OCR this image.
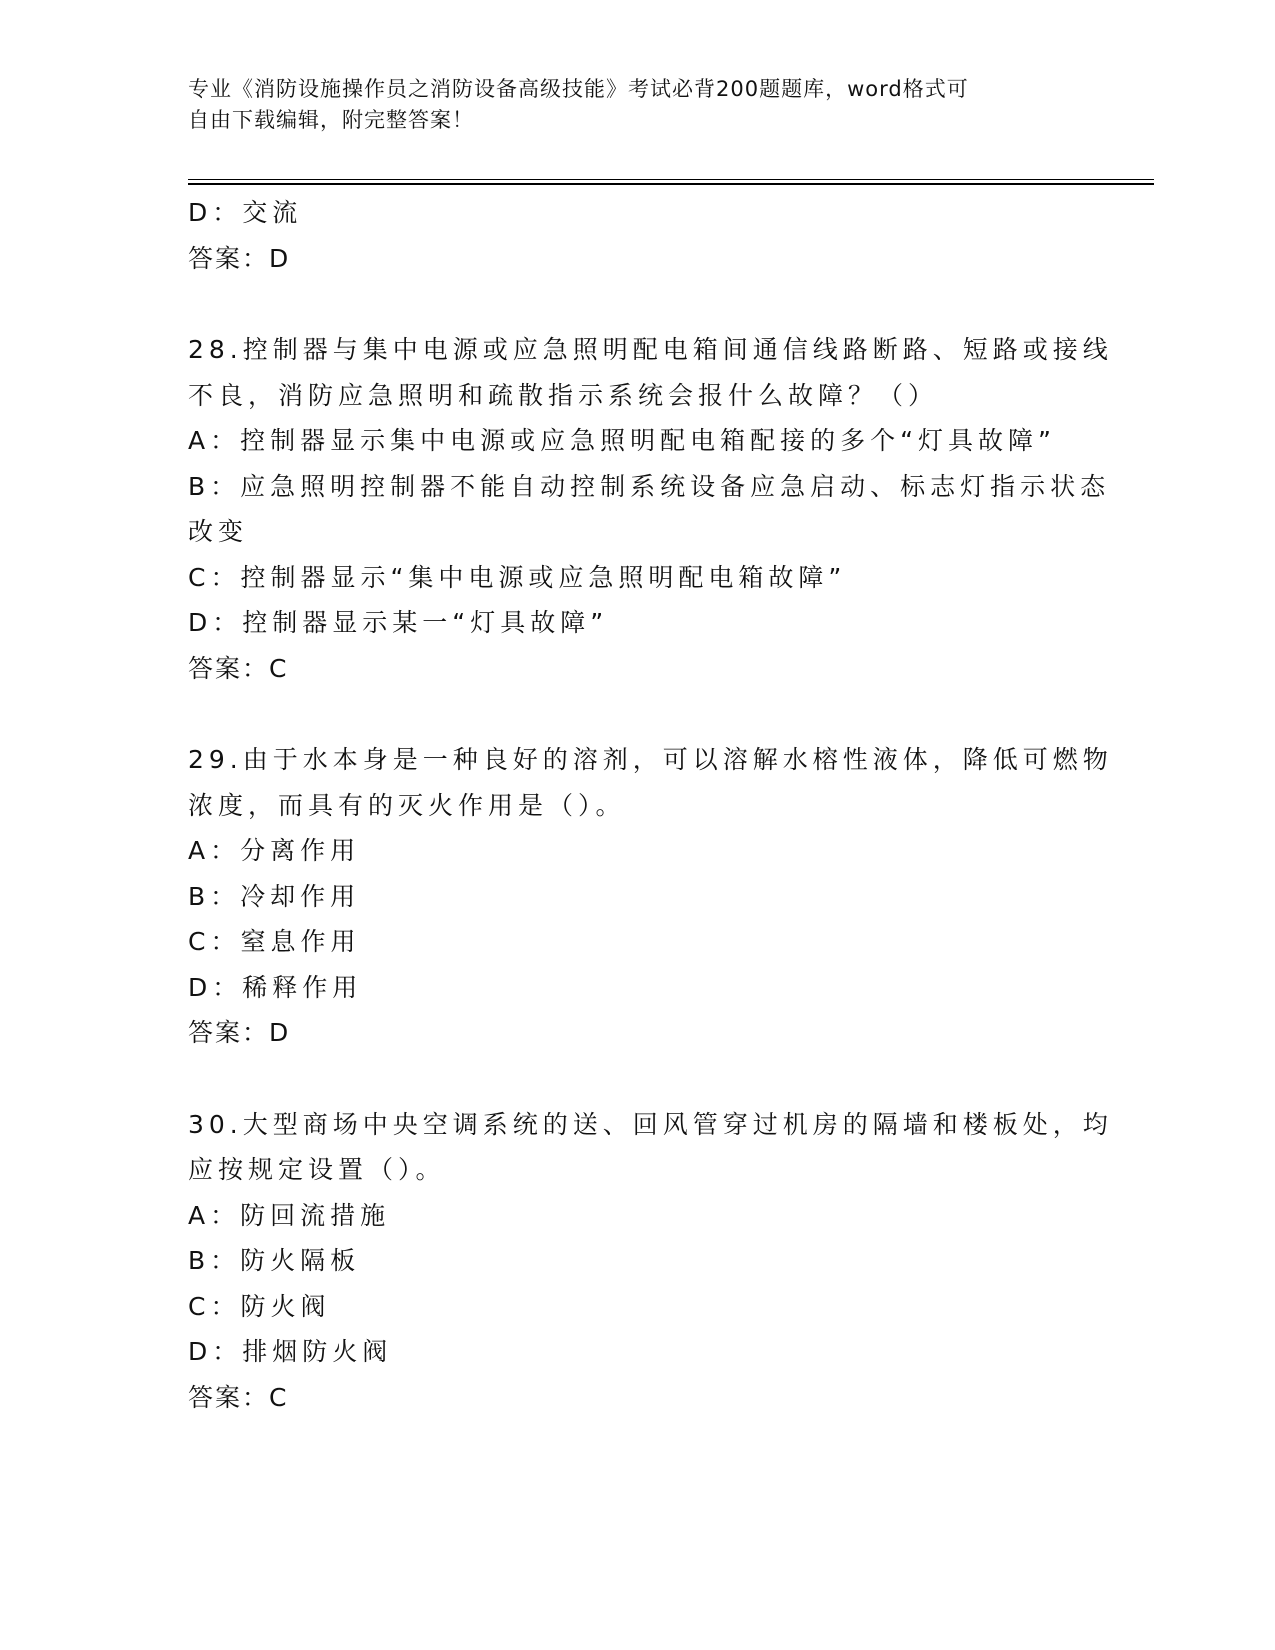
专业《消防设施操作员之消防设备高级技能》考试必背200题题库，word格式可
自由下载编辑，附完整答案！
D：交流
答案：D
28.控制器与集中电源或应急照明配电箱间通信线路断路、短路或接线
不良，消防应急照明和疏散指示系统会报什么故障？（）
A：控制器显示集中电源或应急照明配电箱配接的多个“灯具故障”
B：应急照明控制器不能自动控制系统设备应急启动、标志灯指示状态
改变
C：控制器显示“集中电源或应急照明配电箱故障”
D：控制器显示某一“灯具故障”
答案：C
29.由于水本身是一种良好的溶剂，可以溶解水榕性液体，降低可燃物
浓度，而具有的灭火作用是（）。
A：分离作用
B：冷却作用
C：窒息作用
D：稀释作用
答案：D
30.大型商场中央空调系统的送、回风管穿过机房的隔墙和楼板处，均
应按规定设置（）。
A：防回流措施
B：防火隔板
C：防火阀
D：排烟防火阀
答案：C
